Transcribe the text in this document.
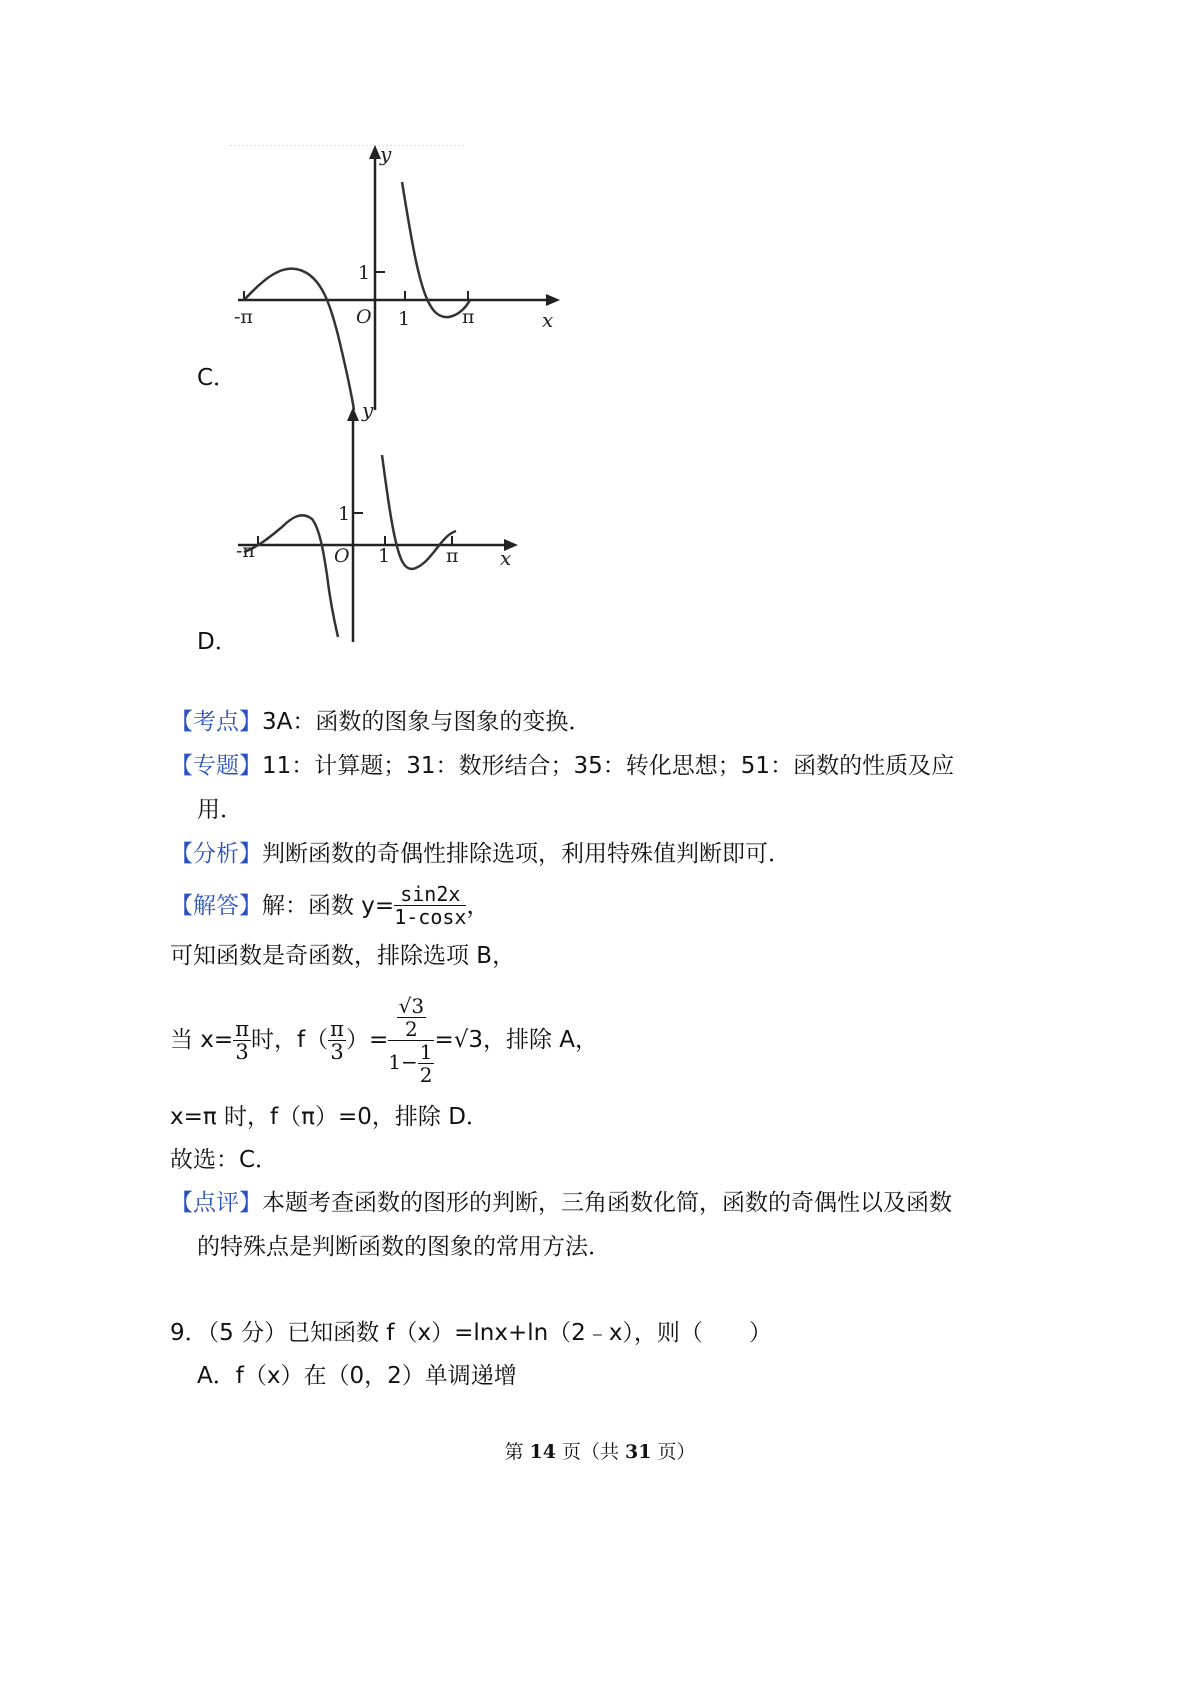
y
x
1
O 1
-π	π
C．
y
x
1
O 1
-π	π
D．
【考点】3A：函数的图象与图象的变换．
【专题】11：计算题；31：数形结合；35：转化思想；51：函数的性质及应
用．
【分析】判断函数的奇偶性排除选项，利用特殊值判断即可．
【解答】 解：函数 $y= \frac{\sin 2x}{1-\cos x}$ ，
可知函数是奇函数，排除选项 B，
当 $x= \frac{\pi}{3}$ 时，$f( \frac{\pi}{3}$ ）= $\frac{\frac{√3}{2}}{1- \frac{1}{2}} =√3$，排除 A，
x=π 时，f（π）=0，排除 D．
故选：C．
【点评】本题考查函数的图形的判断，三角函数化简，函数的奇偶性以及函数
的特殊点是判断函数的图象的常用方法．
9．（5 分）已知函数 f（x）=lnx+ln（2﹣x），则（　　）
A．f（x）在（0，2）单调递增
第 14 页（共 31 页）
